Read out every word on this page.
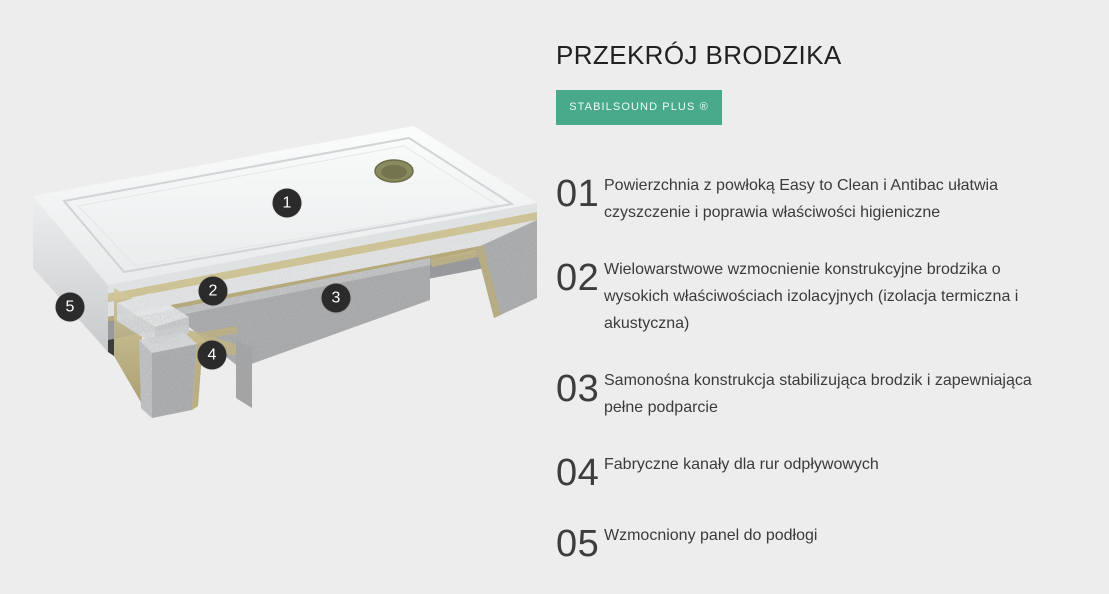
1
2	3
4
5
PRZEKRÓJ BRODZIKA
STABILSOUND PLUS ®
01 Powierzchnia z powłoką Easy to Clean i Antibac ułatwia czyszczenie i poprawia właściwości higieniczne

02 Wielowarstwowe wzmocnienie konstrukcyjne brodzika o wysokich właściwościach izolacyjnych (izolacja termiczna i akustyczna)

03 Samonośna konstrukcja stabilizująca brodzik i zapewniająca pełne podparcie

04 Fabryczne kanały dla rur odpływowych

05 Wzmocniony panel do podłogi
